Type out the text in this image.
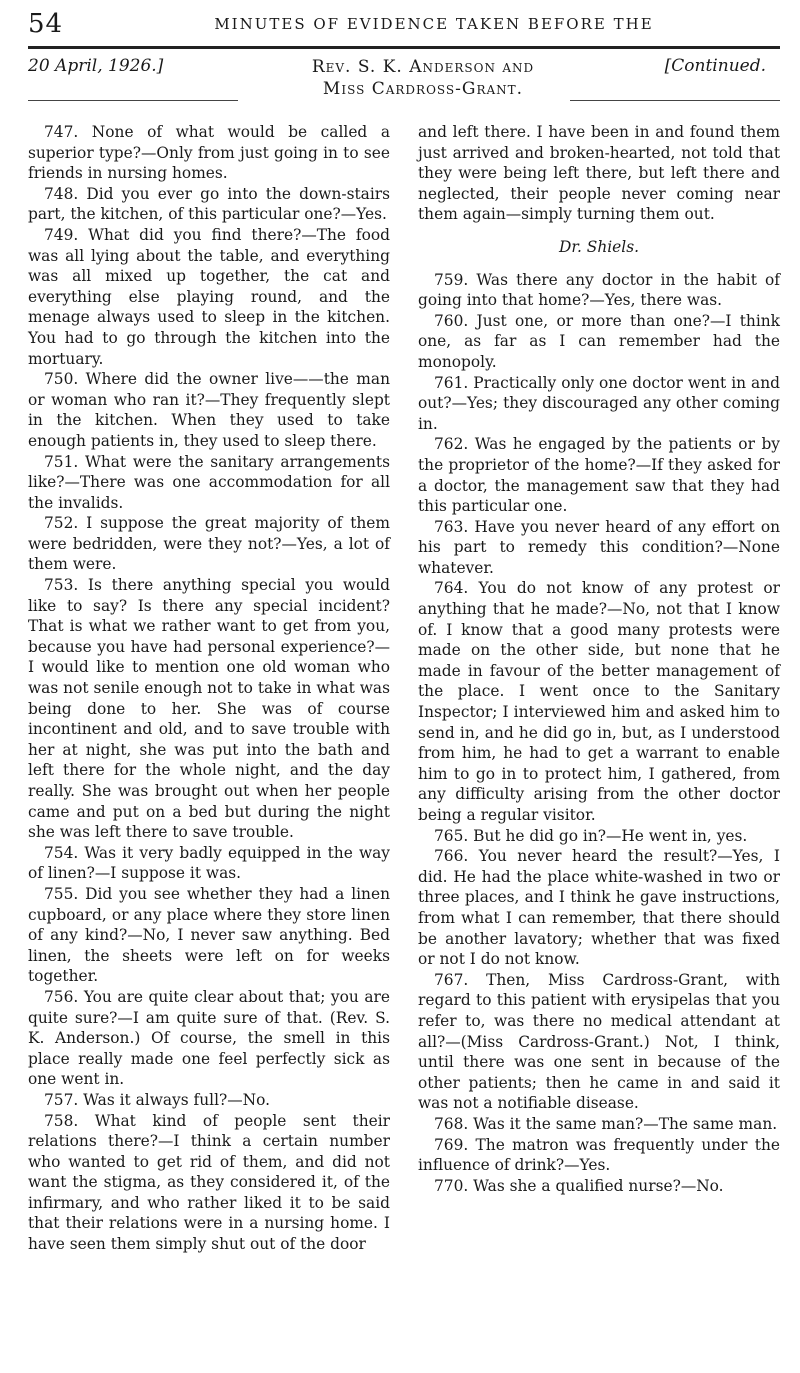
54	MINUTES OF EVIDENCE TAKEN BEFORE THE
20 April, 1926.]	Rev. S. K. Anderson and
Miss Cardross-Grant.
[Continued.

747. None of what would be called a superior type?—Only from just going in to see friends in nursing homes.

748. Did you ever go into the down-stairs part, the kitchen, of this particular one?—Yes.

749. What did you find there?—The food was all lying about the table, and everything was all mixed up together, the cat and everything else playing round, and the menage always used to sleep in the kitchen. You had to go through the kitchen into the mortuary.

750. Where did the owner live——the man or woman who ran it?—They frequently slept in the kitchen. When they used to take enough patients in, they used to sleep there.

751. What were the sanitary arrangements like?—There was one accommodation for all the invalids.

752. I suppose the great majority of them were bedridden, were they not?—Yes, a lot of them were.

753. Is there anything special you would like to say? Is there any special incident? That is what we rather want to get from you, because you have had personal experience?—I would like to mention one old woman who was not senile enough not to take in what was being done to her. She was of course incontinent and old, and to save trouble with her at night, she was put into the bath and left there for the whole night, and the day really. She was brought out when her people came and put on a bed but during the night she was left there to save trouble.

754. Was it very badly equipped in the way of linen?—I suppose it was.

755. Did you see whether they had a linen cupboard, or any place where they store linen of any kind?—No, I never saw anything. Bed linen, the sheets were left on for weeks together.

756. You are quite clear about that; you are quite sure?—I am quite sure of that. (Rev. S. K. Anderson.) Of course, the smell in this place really made one feel perfectly sick as one went in.

757. Was it always full?—No.

758. What kind of people sent their relations there?—I think a certain number who wanted to get rid of them, and did not want the stigma, as they considered it, of the infirmary, and who rather liked it to be said that their relations were in a nursing home. I have seen them simply shut out of the door

and left there. I have been in and found them just arrived and broken-hearted, not told that they were being left there, but left there and neglected, their people never coming near them again—simply turning them out.

Dr. Shiels.

759. Was there any doctor in the habit of going into that home?—Yes, there was.

760. Just one, or more than one?—I think one, as far as I can remember had the monopoly.

761. Practically only one doctor went in and out?—Yes; they discouraged any other coming in.

762. Was he engaged by the patients or by the proprietor of the home?—If they asked for a doctor, the management saw that they had this particular one.

763. Have you never heard of any effort on his part to remedy this condition?—None whatever.

764. You do not know of any protest or anything that he made?—No, not that I know of. I know that a good many protests were made on the other side, but none that he made in favour of the better management of the place. I went once to the Sanitary Inspector; I interviewed him and asked him to send in, and he did go in, but, as I understood from him, he had to get a warrant to enable him to go in to protect him, I gathered, from any difficulty arising from the other doctor being a regular visitor.

765. But he did go in?—He went in, yes.

766. You never heard the result?—Yes, I did. He had the place white-washed in two or three places, and I think he gave instructions, from what I can remember, that there should be another lavatory; whether that was fixed or not I do not know.

767. Then, Miss Cardross-Grant, with regard to this patient with erysipelas that you refer to, was there no medical attendant at all?—(Miss Cardross-Grant.) Not, I think, until there was one sent in because of the other patients; then he came in and said it was not a notifiable disease.

768. Was it the same man?—The same man.

769. The matron was frequently under the influence of drink?—Yes.

770. Was she a qualified nurse?—No.
